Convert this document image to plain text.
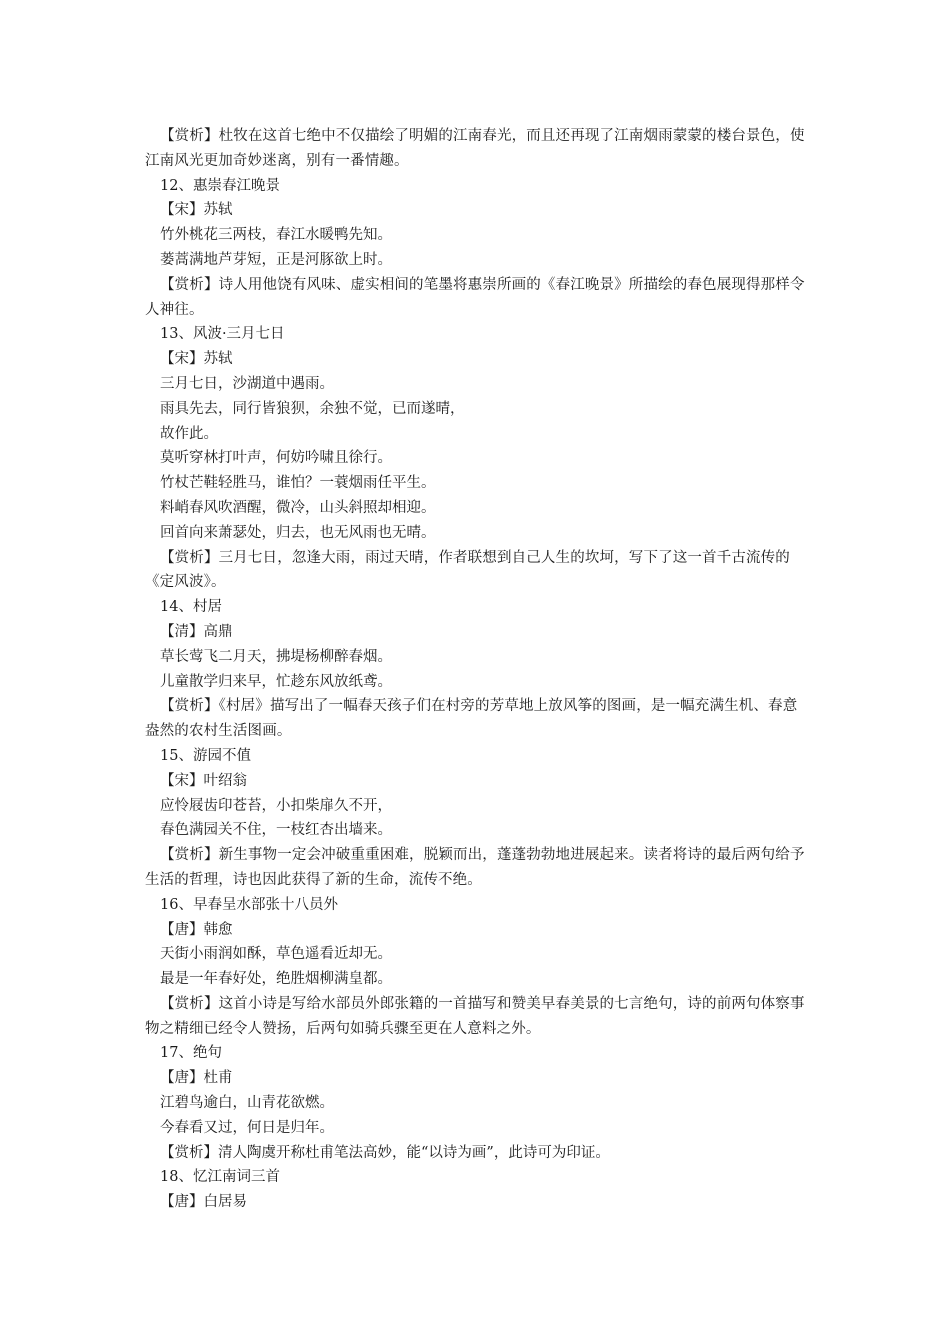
【赏析】杜牧在这首七绝中不仅描绘了明媚的江南春光，而且还再现了江南烟雨蒙蒙的楼台景色，使江南风光更加奇妙迷离，别有一番情趣。

12、惠崇春江晚景

【宋】苏轼

竹外桃花三两枝，春江水暖鸭先知。

蒌蒿满地芦芽短，正是河豚欲上时。

【赏析】诗人用他饶有风味、虚实相间的笔墨将惠崇所画的《春江晚景》所描绘的春色展现得那样令人神往。

13、风波·三月七日

【宋】苏轼

三月七日，沙湖道中遇雨。

雨具先去，同行皆狼狈，余独不觉，已而遂晴，

故作此。

莫听穿林打叶声，何妨吟啸且徐行。

竹杖芒鞋轻胜马，谁怕？一蓑烟雨任平生。

料峭春风吹酒醒，微冷，山头斜照却相迎。

回首向来萧瑟处，归去，也无风雨也无晴。

【赏析】三月七日，忽逢大雨，雨过天晴，作者联想到自己人生的坎坷，写下了这一首千古流传的《定风波》。

14、村居

【清】高鼎

草长莺飞二月天，拂堤杨柳醉春烟。

儿童散学归来早，忙趁东风放纸鸢。

【赏析】《村居》描写出了一幅春天孩子们在村旁的芳草地上放风筝的图画，是一幅充满生机、春意盎然的农村生活图画。

15、游园不值

【宋】叶绍翁

应怜屐齿印苍苔，小扣柴扉久不开，

春色满园关不住，一枝红杏出墙来。

【赏析】新生事物一定会冲破重重困难，脱颖而出，蓬蓬勃勃地进展起来。读者将诗的最后两句给予生活的哲理，诗也因此获得了新的生命，流传不绝。

16、早春呈水部张十八员外

【唐】韩愈

天街小雨润如酥，草色遥看近却无。

最是一年春好处，绝胜烟柳满皇都。

【赏析】这首小诗是写给水部员外郎张籍的一首描写和赞美早春美景的七言绝句，诗的前两句体察事物之精细已经令人赞扬，后两句如骑兵骤至更在人意料之外。

17、绝句

【唐】杜甫

江碧鸟逾白，山青花欲燃。

今春看又过，何日是归年。

【赏析】清人陶虞开称杜甫笔法高妙，能“以诗为画”，此诗可为印证。

18、忆江南词三首

【唐】白居易
